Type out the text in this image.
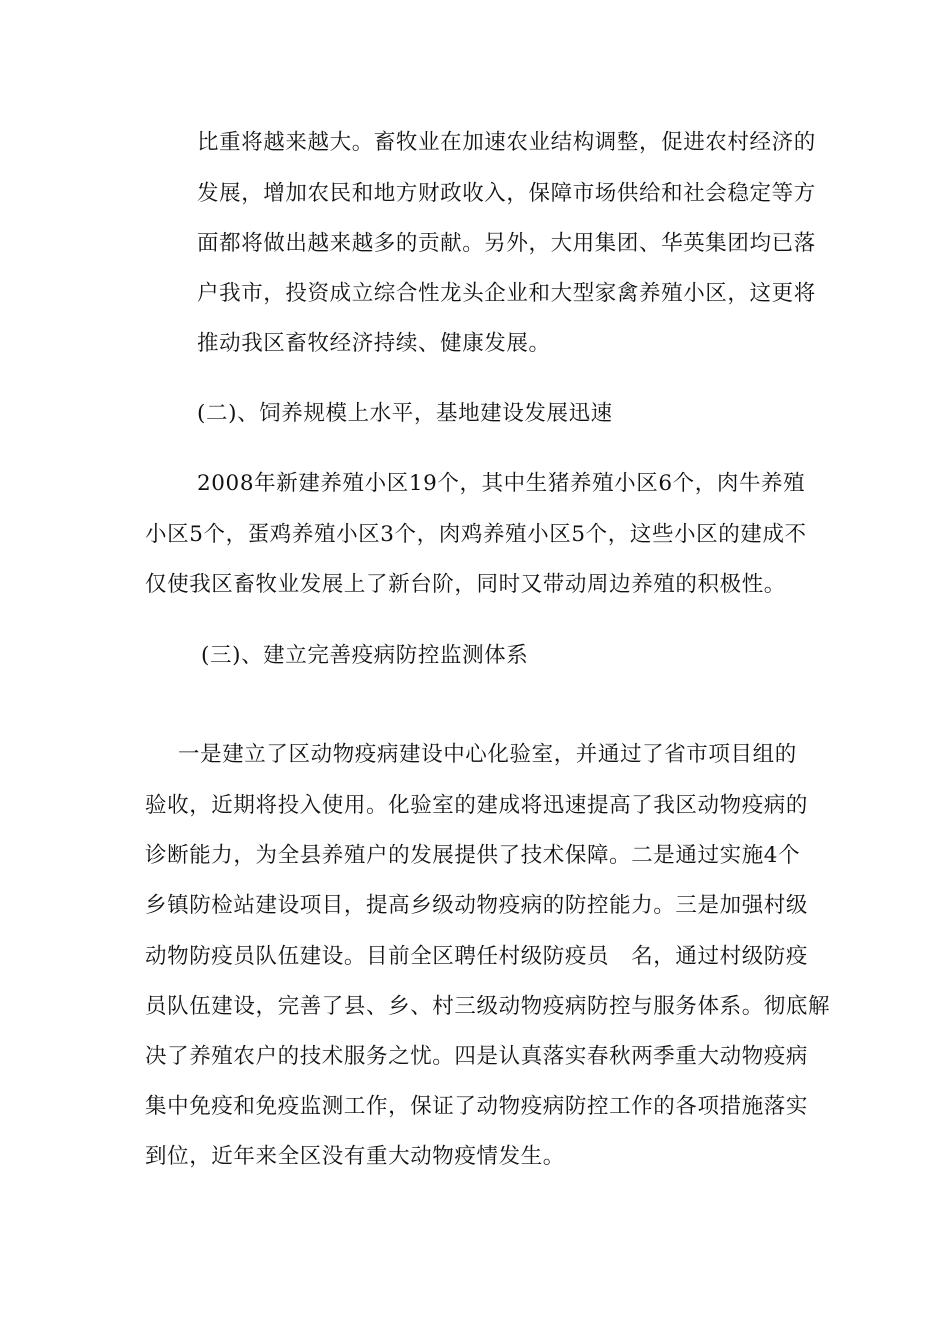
比重将越来越大。畜牧业在加速农业结构调整，促进农村经济的
发展，增加农民和地方财政收入，保障市场供给和社会稳定等方
面都将做出越来越多的贡献。另外，大用集团、华英集团均已落
户我市，投资成立综合性龙头企业和大型家禽养殖小区，这更将
推动我区畜牧经济持续、健康发展。
(二)、饲养规模上水平，基地建设发展迅速
2008年新建养殖小区19个，其中生猪养殖小区6个，肉牛养殖
小区5个，蛋鸡养殖小区3个，肉鸡养殖小区5个，这些小区的建成不
仅使我区畜牧业发展上了新台阶，同时又带动周边养殖的积极性。
(三)、建立完善疫病防控监测体系
一是建立了区动物疫病建设中心化验室，并通过了省市项目组的
验收，近期将投入使用。化验室的建成将迅速提高了我区动物疫病的
诊断能力，为全县养殖户的发展提供了技术保障。二是通过实施4个
乡镇防检站建设项目，提高乡级动物疫病的防控能力。三是加强村级
动物防疫员队伍建设。目前全区聘任村级防疫员　名，通过村级防疫
员队伍建设，完善了县、乡、村三级动物疫病防控与服务体系。彻底解
决了养殖农户的技术服务之忧。四是认真落实春秋两季重大动物疫病
集中免疫和免疫监测工作，保证了动物疫病防控工作的各项措施落实
到位，近年来全区没有重大动物疫情发生。
